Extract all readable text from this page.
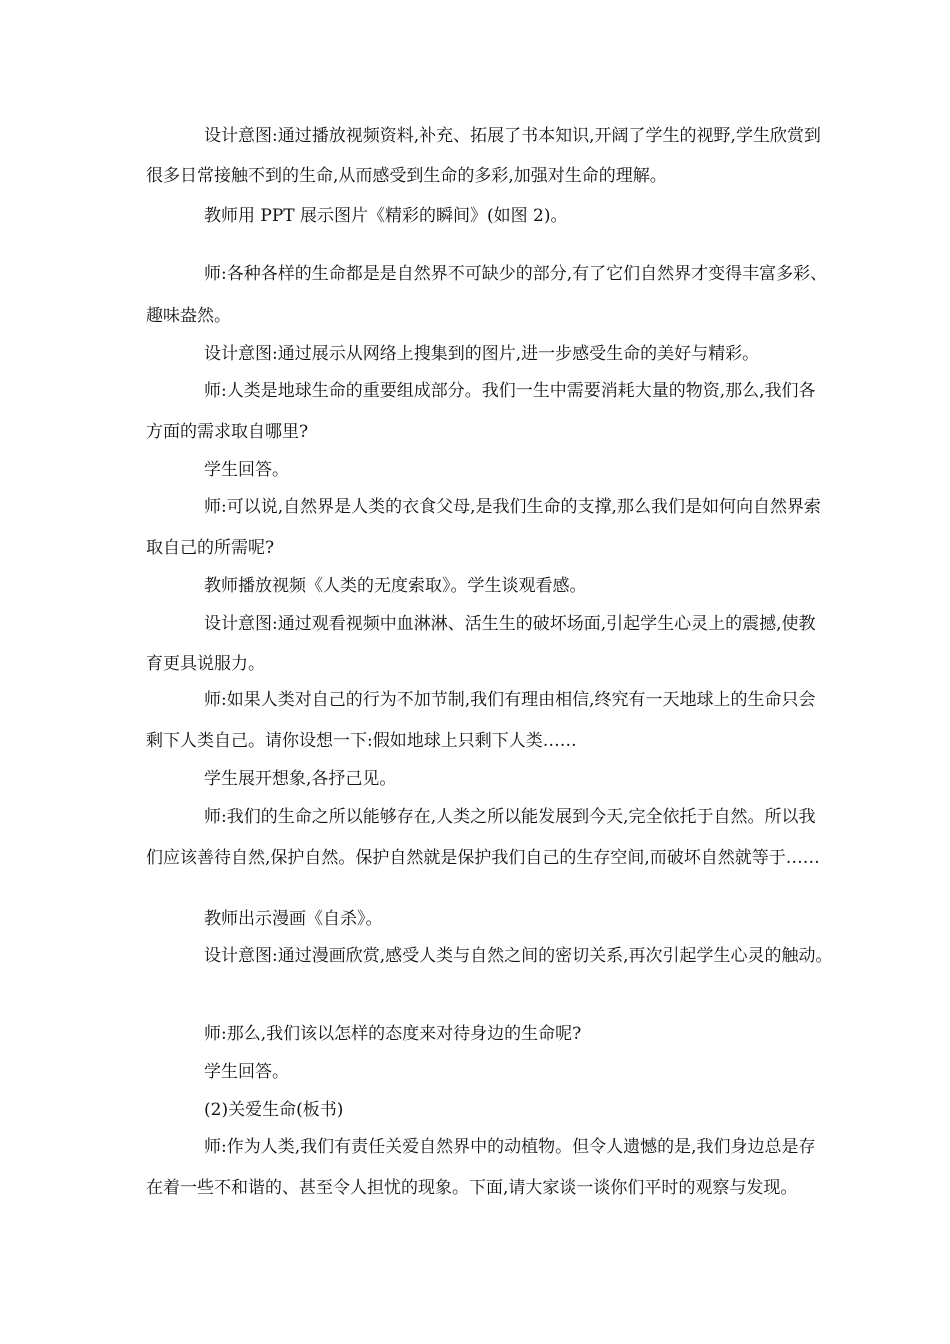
设计意图:通过播放视频资料,补充、拓展了书本知识,开阔了学生的视野,学生欣赏到
很多日常接触不到的生命,从而感受到生命的多彩,加强对生命的理解。
教师用 PPT 展示图片《精彩的瞬间》(如图 2)。
师:各种各样的生命都是是自然界不可缺少的部分,有了它们自然界才变得丰富多彩、
趣味盎然。
设计意图:通过展示从网络上搜集到的图片,进一步感受生命的美好与精彩。
师:人类是地球生命的重要组成部分。我们一生中需要消耗大量的物资,那么,我们各
方面的需求取自哪里?
学生回答。
师:可以说,自然界是人类的衣食父母,是我们生命的支撑,那么我们是如何向自然界索
取自己的所需呢?
教师播放视频《人类的无度索取》。学生谈观看感。
设计意图:通过观看视频中血淋淋、活生生的破坏场面,引起学生心灵上的震撼,使教
育更具说服力。
师:如果人类对自己的行为不加节制,我们有理由相信,终究有一天地球上的生命只会
剩下人类自己。请你设想一下:假如地球上只剩下人类……
学生展开想象,各抒己见。
师:我们的生命之所以能够存在,人类之所以能发展到今天,完全依托于自然。所以我
们应该善待自然,保护自然。保护自然就是保护我们自己的生存空间,而破坏自然就等于……
教师出示漫画《自杀》。
设计意图:通过漫画欣赏,感受人类与自然之间的密切关系,再次引起学生心灵的触动。
师:那么,我们该以怎样的态度来对待身边的生命呢?
学生回答。
(2)关爱生命(板书)
师:作为人类,我们有责任关爱自然界中的动植物。但令人遗憾的是,我们身边总是存
在着一些不和谐的、甚至令人担忧的现象。下面,请大家谈一谈你们平时的观察与发现。
